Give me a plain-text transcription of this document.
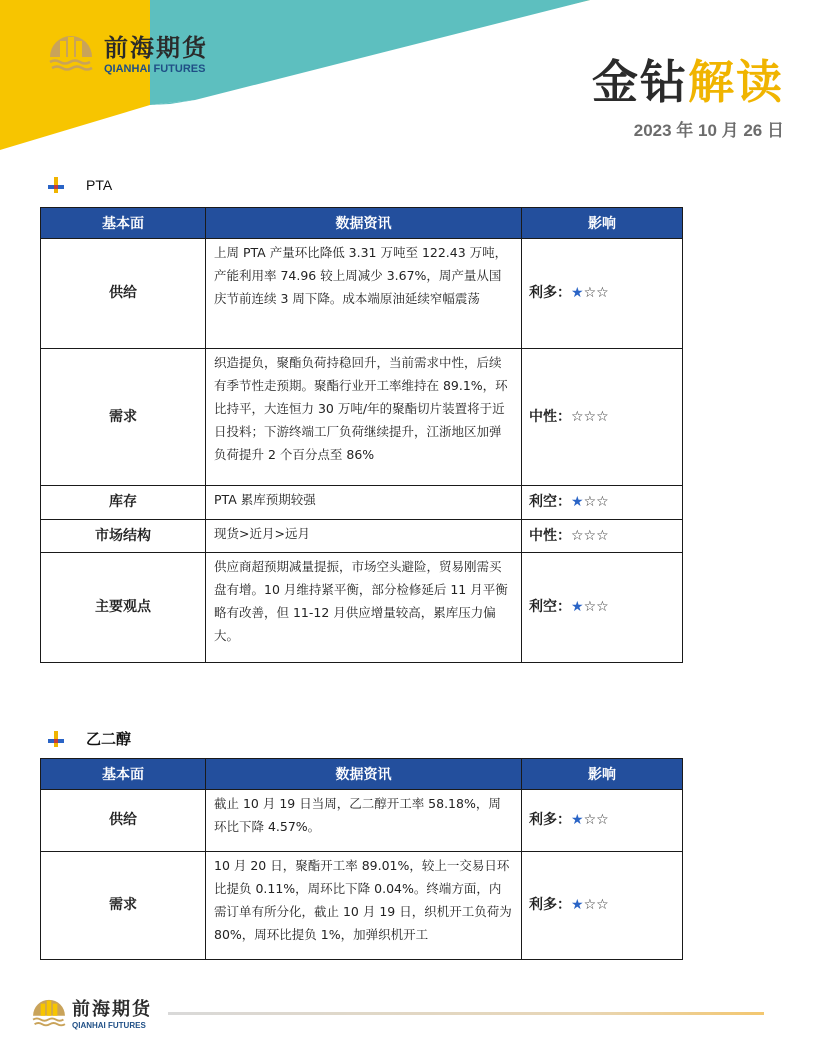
前海期货
QIANHAI FUTURES	金钻解读
2023 年 10 月 26 日
PTA
基本面	数据资讯	影响
供给	上周 PTA 产量环比降低 3.31 万吨至 122.43 万吨，产能利用率 74.96 较上周减少 3.67%，周产量从国庆节前连续 3 周下降。成本端原油延续窄幅震荡	利多：★☆☆
需求	织造提负，聚酯负荷持稳回升，当前需求中性，后续有季节性走预期。聚酯行业开工率维持在 89.1%，环比持平，大连恒力 30 万吨/年的聚酯切片装置将于近日投料；下游终端工厂负荷继续提升，江浙地区加弹负荷提升 2 个百分点至 86%	中性：☆☆☆
库存	PTA 累库预期较强	利空：★☆☆
市场结构	现货>近月>远月	中性：☆☆☆
主要观点	供应商超预期减量提振，市场空头避险，贸易刚需买盘有增。10 月维持紧平衡，部分检修延后 11 月平衡略有改善，但 11-12 月供应增量较高，累库压力偏大。	利空：★☆☆
乙二醇
基本面	数据资讯	影响
供给	截止 10 月 19 日当周，乙二醇开工率 58.18%，周环比下降 4.57%。	利多：★☆☆
需求	10 月 20 日，聚酯开工率 89.01%，较上一交易日环比提负 0.11%，周环比下降 0.04%。终端方面，内需订单有所分化，截止 10 月 19 日，织机开工负荷为 80%，周环比提负 1%，加弹织机开工	利多：★☆☆
前海期货
QIANHAI FUTURES
